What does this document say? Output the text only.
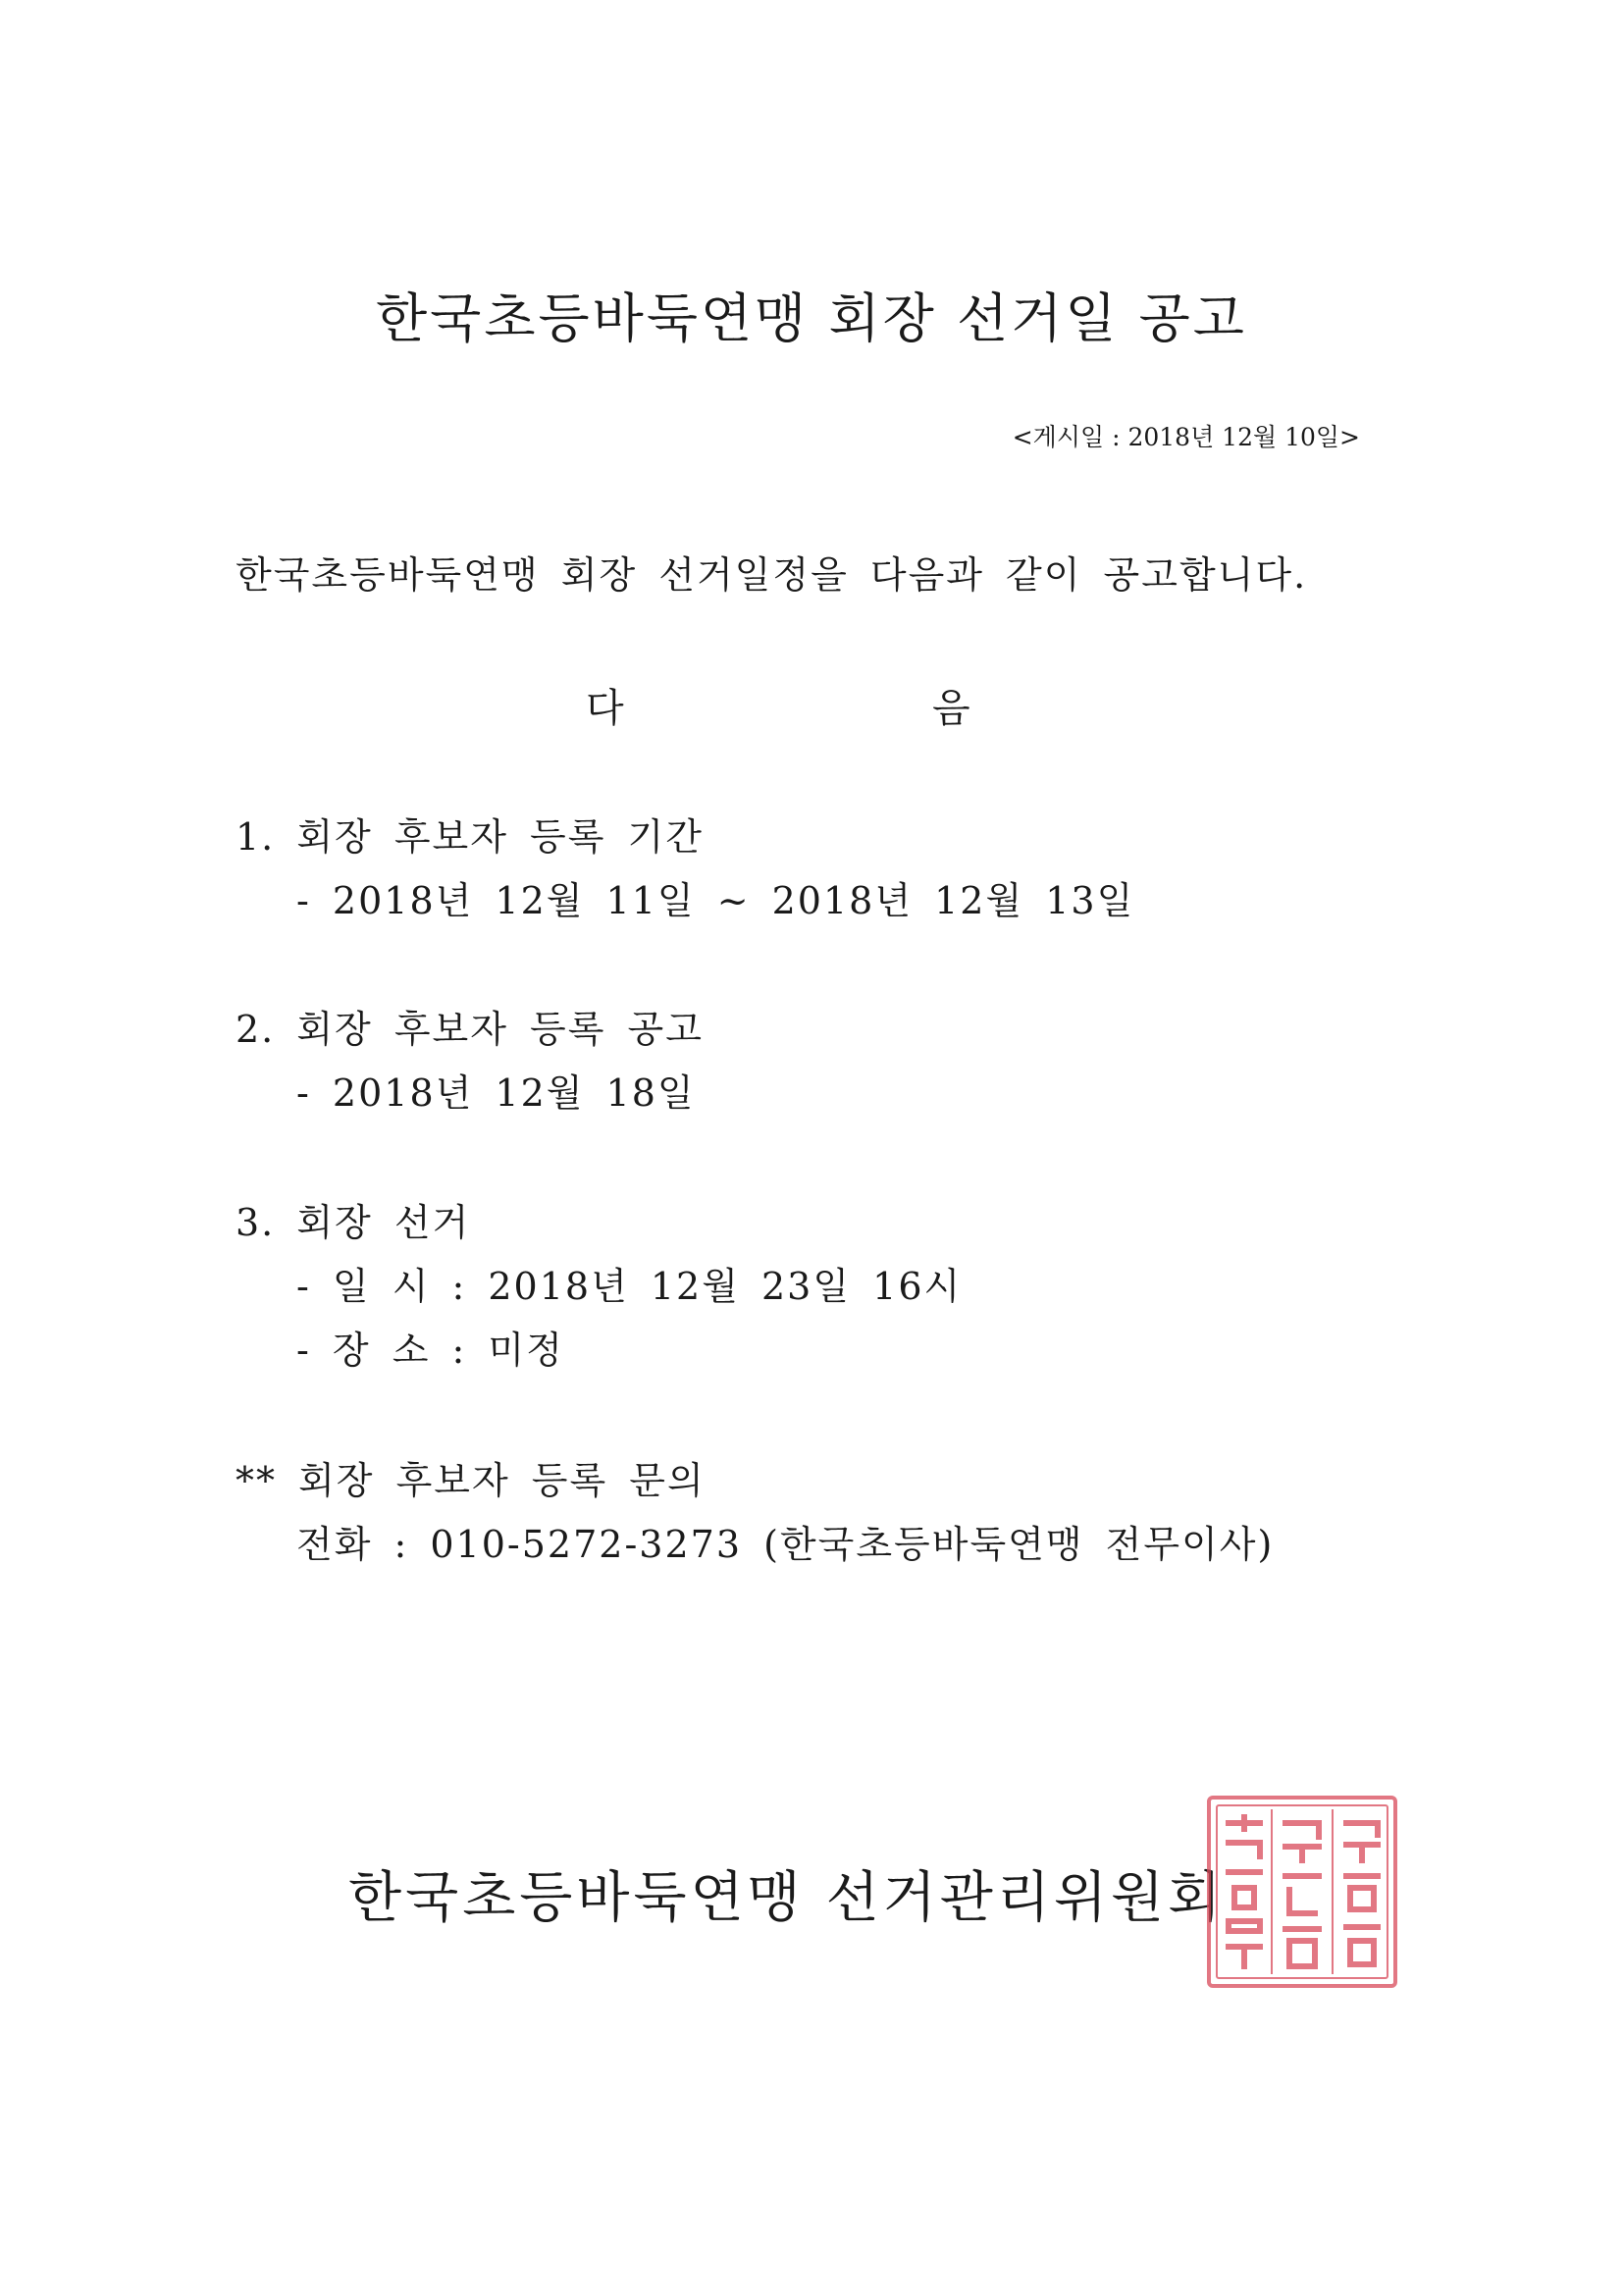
한국초등바둑연맹 회장 선거일 공고
<게시일 : 2018년 12월 10일>
한국초등바둑연맹 회장 선거일정을 다음과 같이 공고합니다.
다	음
1. 회장 후보자 등록 기간
- 2018년 12월 11일 ~ 2018년 12월 13일
2. 회장 후보자 등록 공고
- 2018년 12월 18일
3. 회장 선거
- 일 시 : 2018년 12월 23일 16시
- 장 소 : 미정
** 회장 후보자 등록 문의
전화 : 010-5272-3273 (한국초등바둑연맹 전무이사)
한국초등바둑연맹 선거관리위원회
